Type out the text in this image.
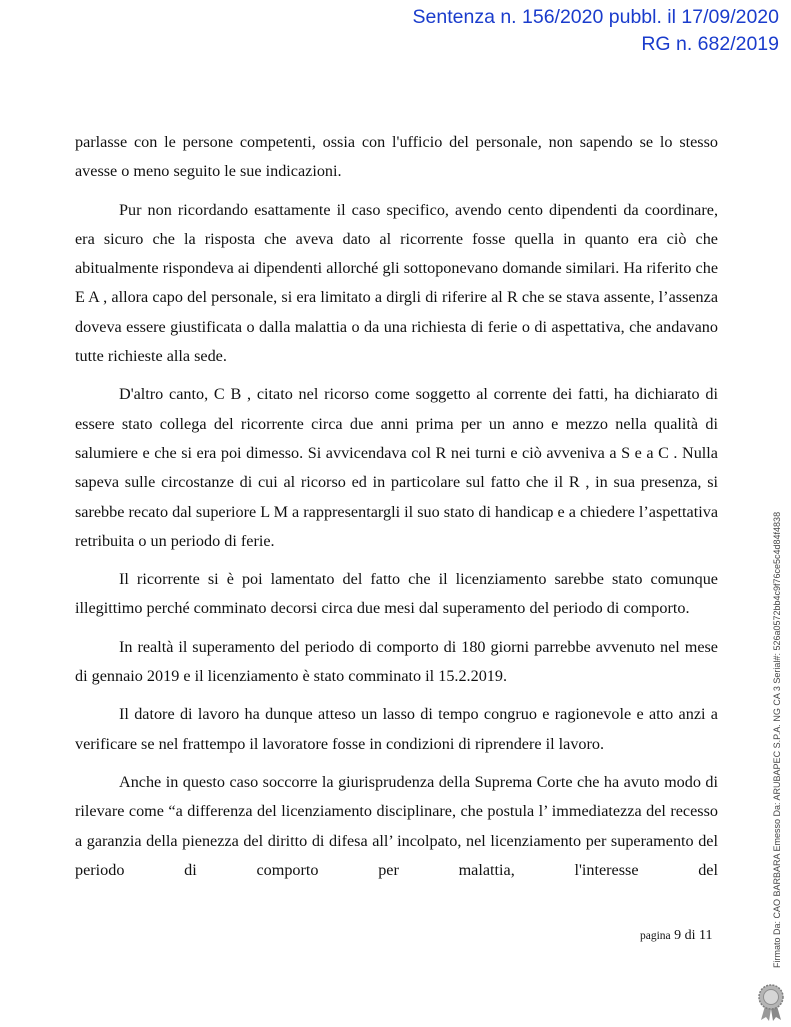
Sentenza n. 156/2020 pubbl. il 17/09/2020
RG n. 682/2019

parlasse con le persone competenti, ossia con l'ufficio del personale, non sapendo se lo stesso avesse o meno seguito le sue indicazioni.

Pur non ricordando esattamente il caso specifico, avendo cento dipendenti da coordinare, era sicuro che la risposta che aveva dato al ricorrente fosse quella in quanto era ciò che abitualmente rispondeva ai dipendenti allorché gli sottoponevano domande similari. Ha riferito che E A , allora capo del personale, si era limitato a dirgli di riferire al R che se stava assente, l’assenza doveva essere giustificata o dalla malattia o da una richiesta di ferie o di aspettativa, che andavano tutte richieste alla sede.

D'altro canto, C B , citato nel ricorso come soggetto al corrente dei fatti, ha dichiarato di essere stato collega del ricorrente circa due anni prima per un anno e mezzo nella qualità di salumiere e che si era poi dimesso. Si avvicendava col R nei turni e ciò avveniva a S e a C . Nulla sapeva sulle circostanze di cui al ricorso ed in particolare sul fatto che il R , in sua presenza, si sarebbe recato dal superiore L M a rappresentargli il suo stato di handicap e a chiedere l’aspettativa retribuita o un periodo di ferie.

Il ricorrente si è poi lamentato del fatto che il licenziamento sarebbe stato comunque illegittimo perché comminato decorsi circa due mesi dal superamento del periodo di comporto.

In realtà il superamento del periodo di comporto di 180 giorni parrebbe avvenuto nel mese di gennaio 2019 e il licenziamento è stato comminato il 15.2.2019.

Il datore di lavoro ha dunque atteso un lasso di tempo congruo e ragionevole e atto anzi a verificare se nel frattempo il lavoratore fosse in condizioni di riprendere il lavoro.

Anche in questo caso soccorre la giurisprudenza della Suprema Corte che ha avuto modo di rilevare come “a differenza del licenziamento disciplinare, che postula l’ immediatezza del recesso a garanzia della pienezza del diritto di difesa all’ incolpato, nel licenziamento per superamento del periodo di comporto per malattia, l'interesse del

pagina 9 di 11	Firmato Da: CAO BARBARA Emesso Da: ARUBAPEC S.P.A. NG CA 3 Serial#: 526a0572bb4c9f76ce5c4d84f4838
